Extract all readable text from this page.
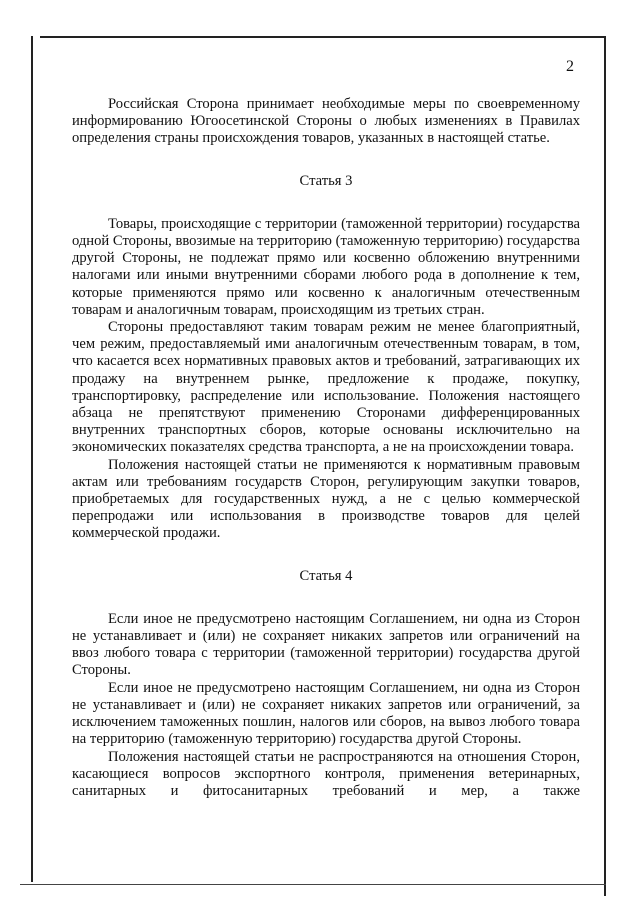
2

Российская Сторона принимает необходимые меры по своевременному информированию Югоосетинской Стороны о любых изменениях в Правилах определения страны происхождения товаров, указанных в настоящей статье.

Статья 3

Товары, происходящие с территории (таможенной территории) государства одной Стороны, ввозимые на территорию (таможенную территорию) государства другой Стороны, не подлежат прямо или косвенно обложению внутренними налогами или иными внутренними сборами любого рода в дополнение к тем, которые применяются прямо или косвенно к аналогичным отечественным товарам и аналогичным товарам, происходящим из третьих стран.

Стороны предоставляют таким товарам режим не менее благоприятный, чем режим, предоставляемый ими аналогичным отечественным товарам, в том, что касается всех нормативных правовых актов и требований, затрагивающих их продажу на внутреннем рынке, предложение к продаже, покупку, транспортировку, распределение или использование. Положения настоящего абзаца не препятствуют применению Сторонами дифференцированных внутренних транспортных сборов, которые основаны исключительно на экономических показателях средства транспорта, а не на происхождении товара.

Положения настоящей статьи не применяются к нормативным правовым актам или требованиям государств Сторон, регулирующим закупки товаров, приобретаемых для государственных нужд, а не с целью коммерческой перепродажи или использования в производстве товаров для целей коммерческой продажи.

Статья 4

Если иное не предусмотрено настоящим Соглашением, ни одна из Сторон не устанавливает и (или) не сохраняет никаких запретов или ограничений на ввоз любого товара с территории (таможенной территории) государства другой Стороны.

Если иное не предусмотрено настоящим Соглашением, ни одна из Сторон не устанавливает и (или) не сохраняет никаких запретов или ограничений, за исключением таможенных пошлин, налогов или сборов, на вывоз любого товара на территорию (таможенную территорию) государства другой Стороны.

Положения настоящей статьи не распространяются на отношения Сторон, касающиеся вопросов экспортного контроля, применения ветеринарных, санитарных и фитосанитарных требований и мер, а также
